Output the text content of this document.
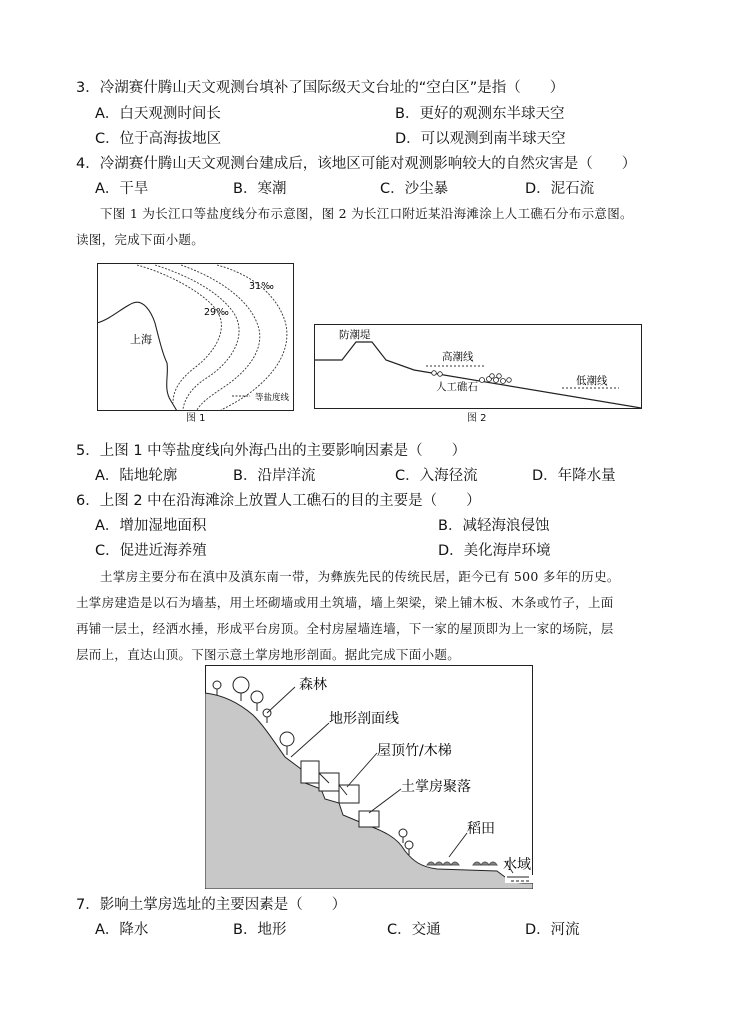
3．冷湖赛什腾山天文观测台填补了国际级天文台址的“空白区”是指（　　）
A．白天观测时间长	B．更好的观测东半球天空
C．位于高海拔地区	D．可以观测到南半球天空
4．冷湖赛什腾山天文观测台建成后，该地区可能对观测影响较大的自然灾害是（　　）
A．干旱	B．寒潮	C．沙尘暴	D．泥石流
下图 1 为长江口等盐度线分布示意图，图 2 为长江口附近某沿海滩涂上人工礁石分布示意图。
读图，完成下面小题。
31‰
29‰
上海
等盐度线
图 1
防潮堤
高潮线
人工礁石	低潮线
图 2
5．上图 1 中等盐度线向外海凸出的主要影响因素是（　　）
A．陆地轮廓	B．沿岸洋流	C．入海径流	D．年降水量
6．上图 2 中在沿海滩涂上放置人工礁石的目的主要是（　　）
A．增加湿地面积	B．减轻海浪侵蚀
C．促进近海养殖	D．美化海岸环境
土掌房主要分布在滇中及滇东南一带，为彝族先民的传统民居，距今已有 500 多年的历史。
土掌房建造是以石为墙基，用土坯砌墙或用土筑墙，墙上架梁，梁上铺木板、木条或竹子，上面
再铺一层土，经洒水捶，形成平台房顶。全村房屋墙连墙，下一家的屋顶即为上一家的场院，层
层而上，直达山顶。下图示意土掌房地形剖面。据此完成下面小题。
森林
地形剖面线
屋顶竹/木梯
土掌房聚落
稻田
水域
7．影响土掌房选址的主要因素是（　　）
A．降水	B．地形	C．交通	D．河流
